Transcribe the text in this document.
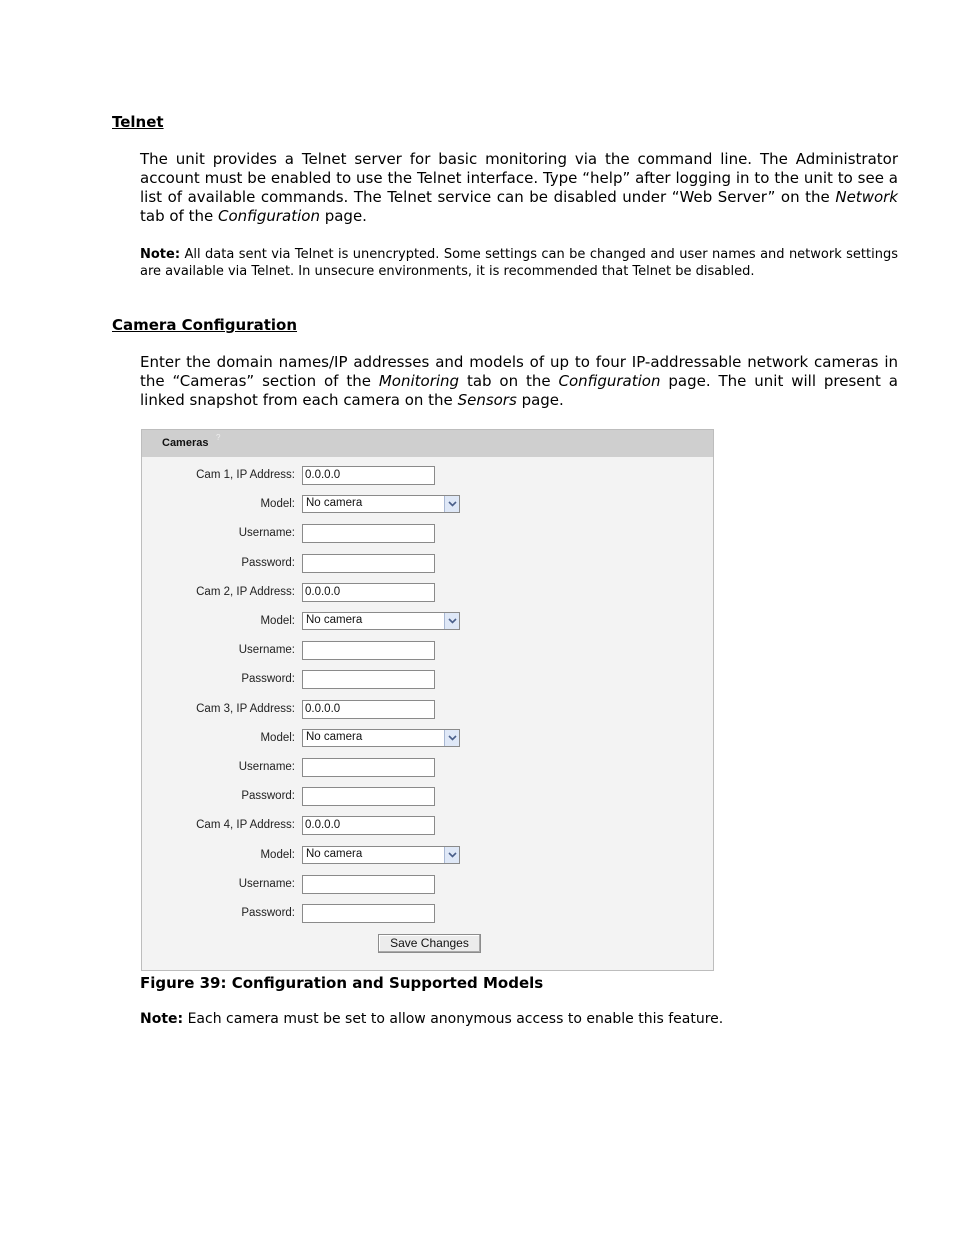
Telnet

The unit provides a Telnet server for basic monitoring via the command line. The Administrator account must be enabled to use the Telnet interface. Type “help” after logging in to the unit to see a list of available commands. The Telnet service can be disabled under “Web Server” on the Network tab of the Configuration page.

Note: All data sent via Telnet is unencrypted. Some settings can be changed and user names and network settings are available via Telnet. In unsecure environments, it is recommended that Telnet be disabled.

Camera Configuration

Enter the domain names/IP addresses and models of up to four IP-addressable network cameras in the “Cameras” section of the Monitoring tab on the Configuration page. The unit will present a linked snapshot from each camera on the Sensors page.

Cameras ?
Cam 1, IP Address: 0.0.0.0
Model: No camera
Username:
Password:
Cam 2, IP Address: 0.0.0.0
Model: No camera
Username:
Password:
Cam 3, IP Address: 0.0.0.0
Model: No camera
Username:
Password:
Cam 4, IP Address: 0.0.0.0
Model: No camera
Username:
Password:
Save Changes

Figure 39: Configuration and Supported Models

Note: Each camera must be set to allow anonymous access to enable this feature.
